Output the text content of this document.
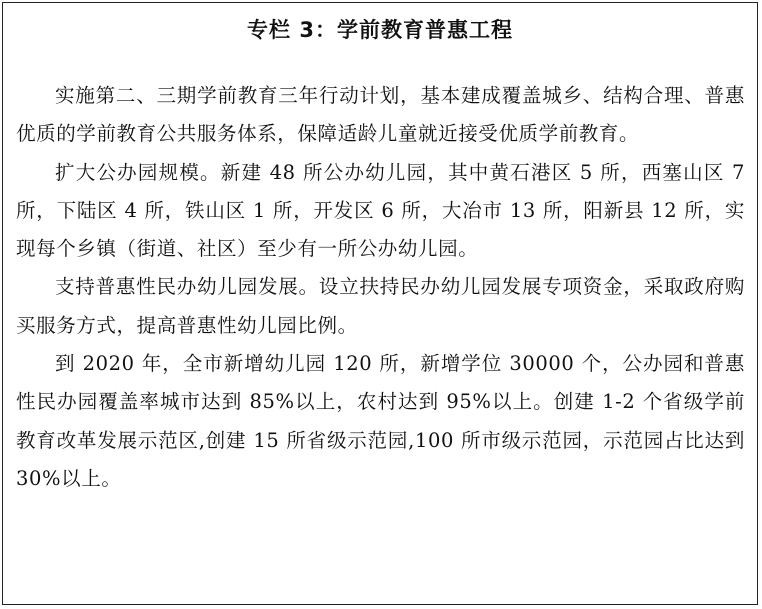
专栏 3：学前教育普惠工程

实施第二、三期学前教育三年行动计划，基本建成覆盖城乡、结构合理、普惠优质的学前教育公共服务体系，保障适龄儿童就近接受优质学前教育。

扩大公办园规模。新建 48 所公办幼儿园，其中黄石港区 5 所，西塞山区 7 所，下陆区 4 所，铁山区 1 所，开发区 6 所，大冶市 13 所，阳新县 12 所，实现每个乡镇（街道、社区）至少有一所公办幼儿园。

支持普惠性民办幼儿园发展。设立扶持民办幼儿园发展专项资金，采取政府购买服务方式，提高普惠性幼儿园比例。

到 2020 年，全市新增幼儿园 120 所，新增学位 30000 个，公办园和普惠性民办园覆盖率城市达到 85%以上，农村达到 95%以上。创建 1-2 个省级学前教育改革发展示范区,创建 15 所省级示范园,100 所市级示范园，示范园占比达到 30%以上。
